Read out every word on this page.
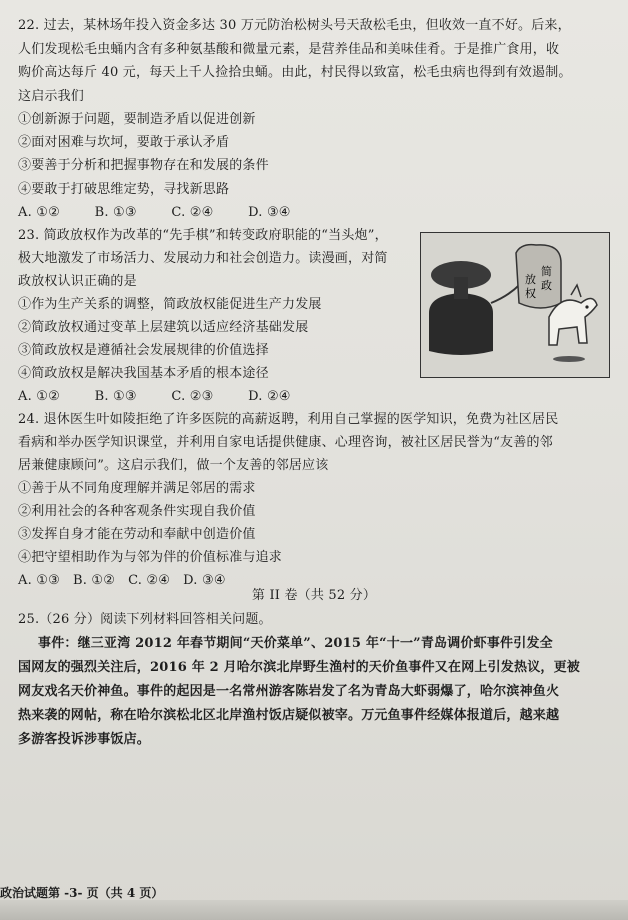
22. 过去，某林场年投入资金多达 30 万元防治松树头号天敌松毛虫，但收效一直不好。后来，
人们发现松毛虫蛹内含有多种氨基酸和微量元素，是营养佳品和美味佳肴。于是推广食用，收
购价高达每斤 40 元，每天上千人捡拾虫蛹。由此，村民得以致富，松毛虫病也得到有效遏制。
这启示我们
①创新源于问题，要制造矛盾以促进创新
②面对困难与坎坷，要敢于承认矛盾
③要善于分析和把握事物存在和发展的条件
④要敢于打破思维定势，寻找新思路
A. ①②        B. ①③        C. ②④        D. ③④
23. 简政放权作为改革的“先手棋”和转变政府职能的“当头炮”，
极大地激发了市场活力、发展动力和社会创造力。读漫画，对简
政放权认识正确的是
①作为生产关系的调整，简政放权能促进生产力发展
②简政放权通过变革上层建筑以适应经济基础发展
③简政放权是遵循社会发展规律的价值选择
④简政放权是解决我国基本矛盾的根本途径
A. ①②        B. ①③        C. ②③        D. ②④
放
权
简
政
24. 退休医生叶如陵拒绝了许多医院的高薪返聘，利用自己掌握的医学知识，免费为社区居民
看病和举办医学知识课堂，并利用自家电话提供健康、心理咨询，被社区居民誉为“友善的邻
居兼健康顾问”。这启示我们，做一个友善的邻居应该
①善于从不同角度理解并满足邻居的需求
②利用社会的各种客观条件实现自我价值
③发挥自身才能在劳动和奉献中创造价值
④把守望相助作为与邻为伴的价值标准与追求
A. ①③   B. ①②   C. ②④   D. ③④
第 II 卷（共 52 分）
25.（26 分）阅读下列材料回答相关问题。
事件：继三亚湾 2012 年春节期间“天价菜单”、2015 年“十一”青岛调价虾事件引发全
国网友的强烈关注后，2016 年 2 月哈尔滨北岸野生渔村的天价鱼事件又在网上引发热议，更被
网友戏名天价神鱼。事件的起因是一名常州游客陈岩发了名为青岛大虾弱爆了，哈尔滨神鱼火
热来袭的网帖，称在哈尔滨松北区北岸渔村饭店疑似被宰。万元鱼事件经媒体报道后，越来越
多游客投诉涉事饭店。
政治试题第 -3- 页（共 4 页）
